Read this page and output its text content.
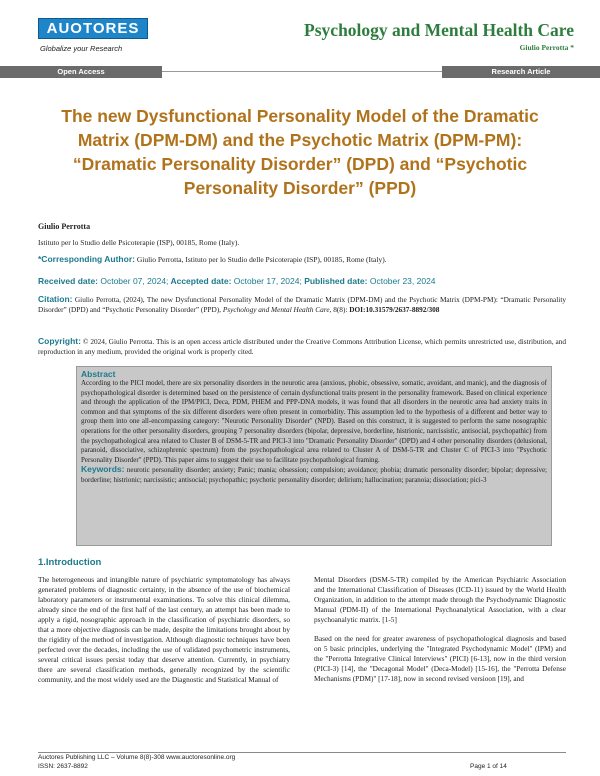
AUOTORES
Globalize your Research
Psychology and Mental Health Care
Giulio Perrotta *
Open Access	Research Article
The new Dysfunctional Personality Model of the Dramatic Matrix (DPM-DM) and the Psychotic Matrix (DPM-PM): “Dramatic Personality Disorder” (DPD) and “Psychotic Personality Disorder” (PPD)
Giulio Perrotta
Istituto per lo Studio delle Psicoterapie (ISP), 00185, Rome (Italy).
*Corresponding Author: Giulio Perrotta, Istituto per lo Studio delle Psicoterapie (ISP), 00185, Rome (Italy).
Received date: October 07, 2024; Accepted date: October 17, 2024; Published date: October 23, 2024
Citation: Giulio Perrotta, (2024), The new Dysfunctional Personality Model of the Dramatic Matrix (DPM-DM) and the Psychotic Matrix (DPM-PM): “Dramatic Personality Disorder” (DPD) and “Psychotic Personality Disorder” (PPD), Psychology and Mental Health Care, 8(8): DOI:10.31579/2637-8892/308
Copyright: © 2024, Giulio Perrotta. This is an open access article distributed under the Creative Commons Attribution License, which permits unrestricted use, distribution, and reproduction in any medium, provided the original work is properly cited.
Abstract
According to the PICI model, there are six personality disorders in the neurotic area (anxious, phobic, obsessive, somatic, avoidant, and manic), and the diagnosis of psychopathological disorder is determined based on the persistence of certain dysfunctional traits present in the personality framework. Based on clinical experience and through the application of the IPM/PICI, Deca, PDM, PHEM and PPP-DNA models, it was found that all disorders in the neurotic area had anxiety traits in common and that symptoms of the six different disorders were often present in comorbidity. This assumption led to the hypothesis of a different and better way to group them into one all-encompassing category: "Neurotic Personality Disorder" (NPD). Based on this construct, it is suggested to perform the same nosographic operations for the other personality disorders, grouping 7 personality disorders (bipolar, depressive, borderline, histrionic, narcissistic, antisocial, psychopathic) from the psychopathological area related to Cluster B of DSM-5-TR and PICI-3 into "Dramatic Personality Disorder" (DPD) and 4 other personality disorders (delusional, paranoid, dissociative, schizophrenic spectrum) from the psychopathological area related to Cluster A of DSM-5-TR and Cluster C of PICI-3 into "Psychotic Personality Disorder" (PPD). This paper aims to suggest their use to facilitate psychopathological framing.
Keywords: neurotic personality disorder; anxiety; Panic; mania; obsession; compulsion; avoidance; phobia; dramatic personality disorder; bipolar; depressive; borderline; histrionic; narcissistic; antisocial; psychopathic; psychotic personality disorder; delirium; hallucination; paranoia; dissociation; pici-3
1.Introduction

The heterogeneous and intangible nature of psychiatric symptomatology has always generated problems of diagnostic certainty, in the absence of the use of biochemical laboratory parameters or instrumental examinations. To solve this clinical dilemma, already since the end of the first half of the last century, an attempt has been made to apply a rigid, nosographic approach in the classification of psychiatric disorders, so that a more objective diagnosis can be made, despite the limitations brought about by the rigidity of the method of investigation. Although diagnostic techniques have been perfected over the decades, including the use of validated psychometric instruments, several critical issues persist today that deserve attention. Currently, in psychiatry there are several classification methods, generally recognized by the scientific community, and the most widely used are the Diagnostic and Statistical Manual of

Mental Disorders (DSM-5-TR) compiled by the American Psychiatric Association and the International Classification of Diseases (ICD-11) issued by the World Health Organization, in addition to the attempt made through the Psychodynamic Diagnostic Manual (PDM-II) of the International Psychoanalytical Association, with a clear psychoanalytic matrix. [1-5]

Based on the need for greater awareness of psychopathological diagnosis and based on 5 basic principles, underlying the "Integrated Psychodynamic Model" (IPM) and the "Perrotta Integrative Clinical Interviews" (PICI) [6-13], now in the third version (PICI-3) [14], the "Decagonal Model" (Deca-Model) [15-16], the "Perrotta Defense Mechanisms (PDM)" [17-18], now in second revised versioon [19], and

Auctores Publishing LLC – Volume 8(8)-308 www.auctoresonline.org
ISSN: 2637-8892	Page 1 of 14
